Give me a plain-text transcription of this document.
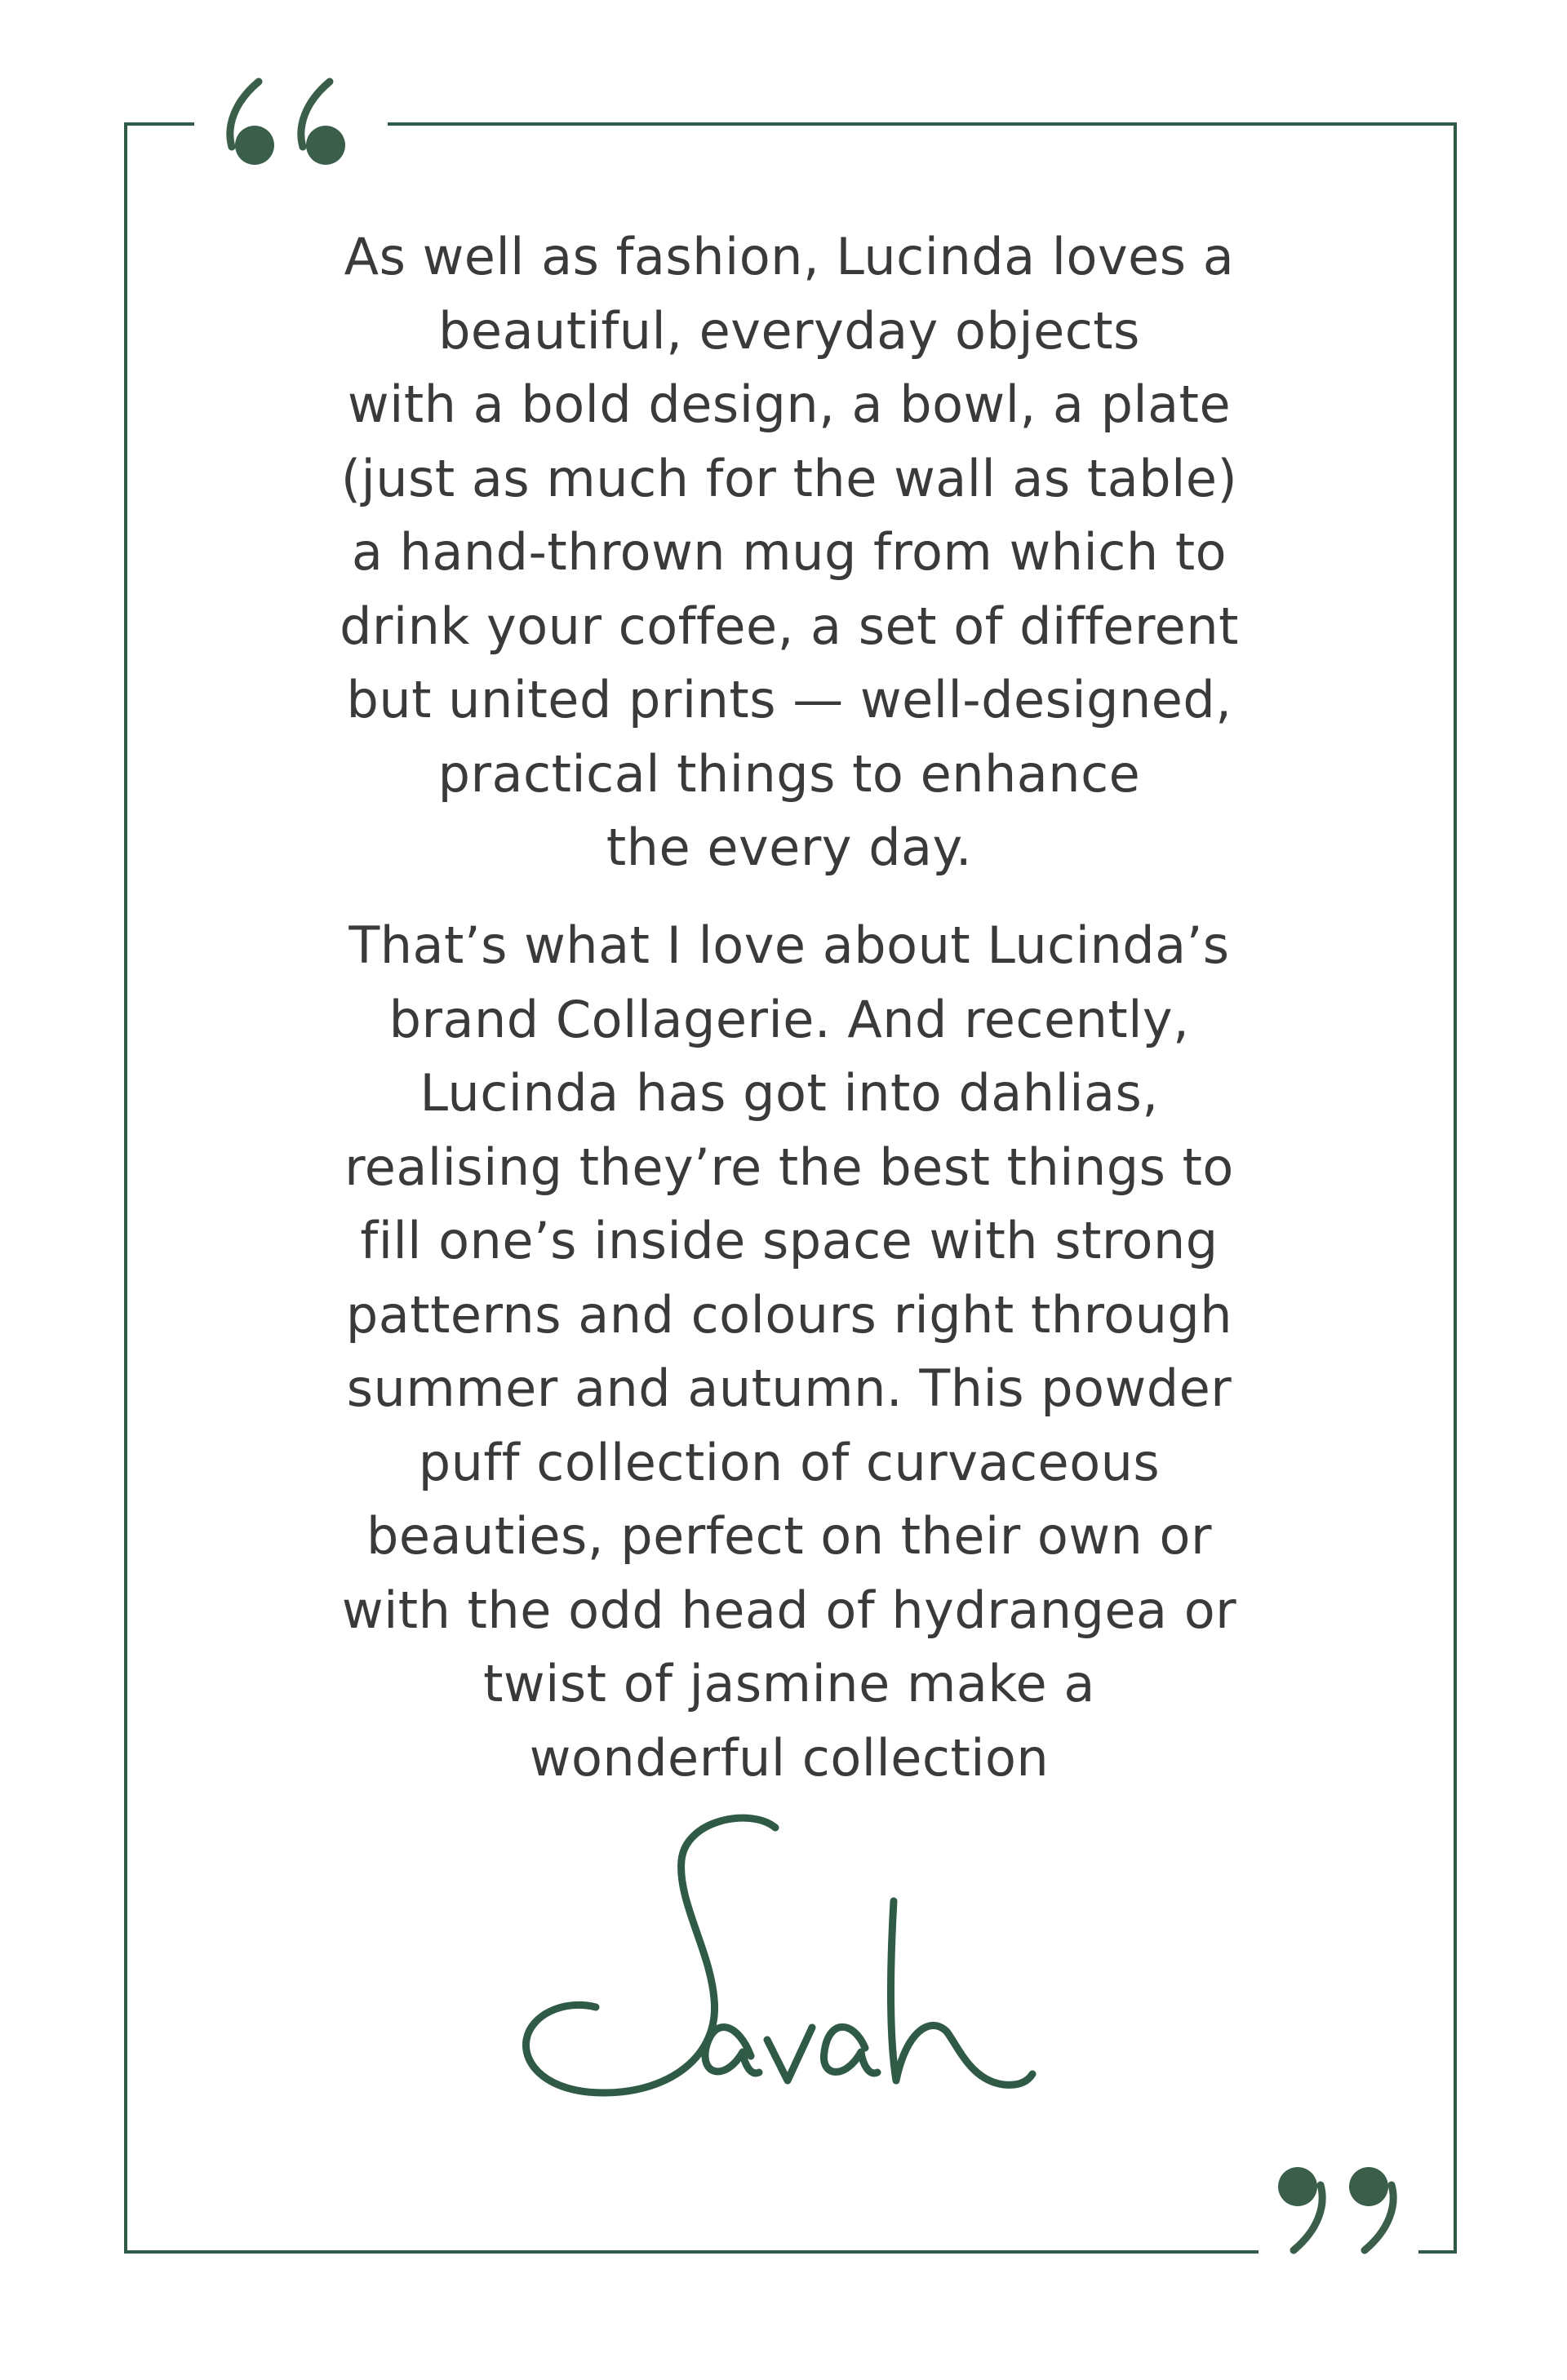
As well as fashion, Lucinda loves a
beautiful, everyday objects
with a bold design, a bowl, a plate
(just as much for the wall as table)
a hand-thrown mug from which to
drink your coffee, a set of different
but united prints — well-designed,
practical things to enhance
the every day.
That’s what I love about Lucinda’s
brand Collagerie. And recently,
Lucinda has got into dahlias,
realising they’re the best things to
fill one’s inside space with strong
patterns and colours right through
summer and autumn. This powder
puff collection of curvaceous
beauties, perfect on their own or
with the odd head of hydrangea or
twist of jasmine make a
wonderful collection
